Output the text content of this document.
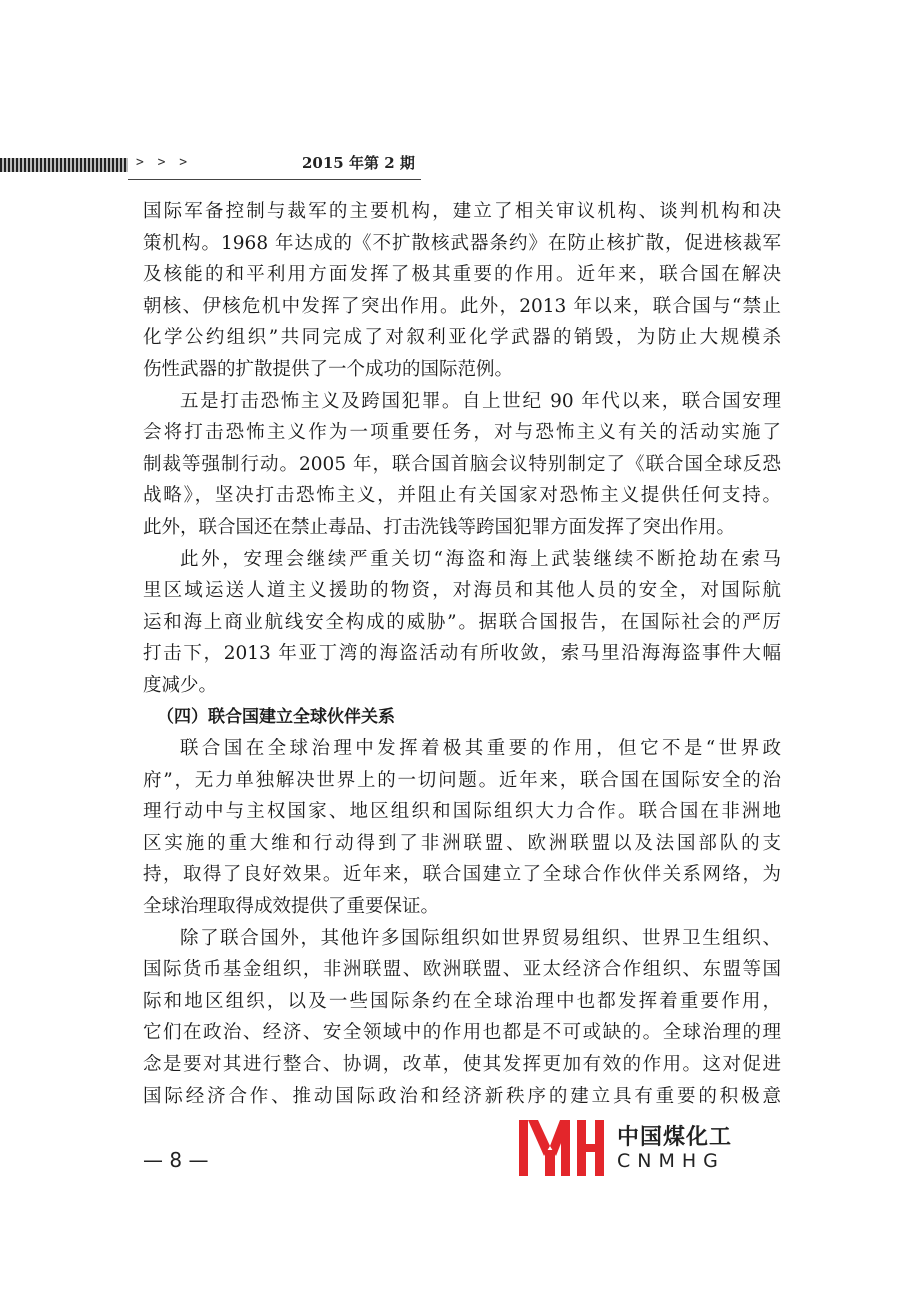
> > >	2015 年第 2 期
国际军备控制与裁军的主要机构，建立了相关审议机构、谈判机构和决
策机构。1968 年达成的《不扩散核武器条约》在防止核扩散，促进核裁军
及核能的和平利用方面发挥了极其重要的作用。近年来，联合国在解决
朝核、伊核危机中发挥了突出作用。此外，2013 年以来，联合国与“禁止
化学公约组织”共同完成了对叙利亚化学武器的销毁，为防止大规模杀
伤性武器的扩散提供了一个成功的国际范例。
五是打击恐怖主义及跨国犯罪。自上世纪 90 年代以来，联合国安理
会将打击恐怖主义作为一项重要任务，对与恐怖主义有关的活动实施了
制裁等强制行动。2005 年，联合国首脑会议特别制定了《联合国全球反恐
战略》，坚决打击恐怖主义，并阻止有关国家对恐怖主义提供任何支持。
此外，联合国还在禁止毒品、打击洗钱等跨国犯罪方面发挥了突出作用。
此外，安理会继续严重关切“海盗和海上武装继续不断抢劫在索马
里区域运送人道主义援助的物资，对海员和其他人员的安全，对国际航
运和海上商业航线安全构成的威胁”。据联合国报告，在国际社会的严厉
打击下，2013 年亚丁湾的海盗活动有所收敛，索马里沿海海盗事件大幅
度减少。
（四）联合国建立全球伙伴关系
联合国在全球治理中发挥着极其重要的作用，但它不是“世界政
府”，无力单独解决世界上的一切问题。近年来，联合国在国际安全的治
理行动中与主权国家、地区组织和国际组织大力合作。联合国在非洲地
区实施的重大维和行动得到了非洲联盟、欧洲联盟以及法国部队的支
持，取得了良好效果。近年来，联合国建立了全球合作伙伴关系网络，为
全球治理取得成效提供了重要保证。
除了联合国外，其他许多国际组织如世界贸易组织、世界卫生组织、
国际货币基金组织，非洲联盟、欧洲联盟、亚太经济合作组织、东盟等国
际和地区组织，以及一些国际条约在全球治理中也都发挥着重要作用，
它们在政治、经济、安全领域中的作用也都是不可或缺的。全球治理的理
念是要对其进行整合、协调，改革，使其发挥更加有效的作用。这对促进
国际经济合作、推动国际政治和经济新秩序的建立具有重要的积极意
— 8 —
中国煤化工
CNMHG
